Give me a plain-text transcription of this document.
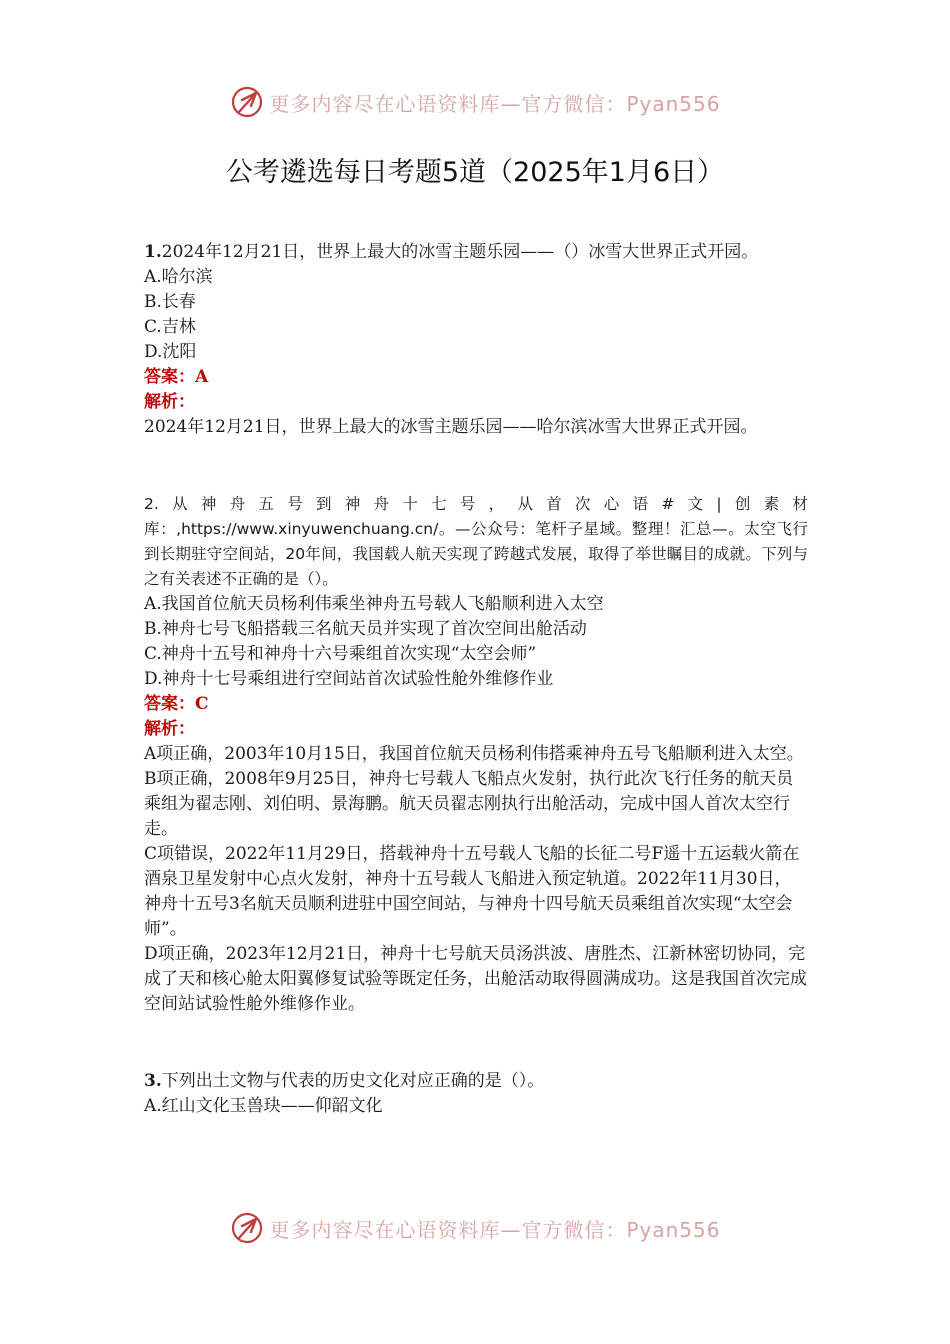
更多内容尽在心语资料库—官方微信：Pyan556
公考遴选每日考题5道（2025年1月6日）

1.2024年12月21日，世界上最大的冰雪主题乐园——（）冰雪大世界正式开园。

A.哈尔滨

B.长春

C.吉林

D.沈阳

答案：A

解析：

2024年12月21日，世界上最大的冰雪主题乐园——哈尔滨冰雪大世界正式开园。

2.从神舟五号到神舟十七号，从首次心语#文|创素材库：,https://www.xinyuwenchuang.cn/。—公众号：笔杆子星域。整理！汇总—。太空飞行到长期驻守空间站，20年间，我国载人航天实现了跨越式发展，取得了举世瞩目的成就。下列与之有关表述不正确的是（）。

A.我国首位航天员杨利伟乘坐神舟五号载人飞船顺利进入太空

B.神舟七号飞船搭载三名航天员并实现了首次空间出舱活动

C.神舟十五号和神舟十六号乘组首次实现“太空会师”

D.神舟十七号乘组进行空间站首次试验性舱外维修作业

答案：C

解析：

A项正确，2003年10月15日，我国首位航天员杨利伟搭乘神舟五号飞船顺利进入太空。

B项正确，2008年9月25日，神舟七号载人飞船点火发射，执行此次飞行任务的航天员乘组为翟志刚、刘伯明、景海鹏。航天员翟志刚执行出舱活动，完成中国人首次太空行走。

C项错误，2022年11月29日，搭载神舟十五号载人飞船的长征二号F遥十五运载火箭在酒泉卫星发射中心点火发射，神舟十五号载人飞船进入预定轨道。2022年11月30日，神舟十五号3名航天员顺利进驻中国空间站，与神舟十四号航天员乘组首次实现“太空会师”。

D项正确，2023年12月21日，神舟十七号航天员汤洪波、唐胜杰、江新林密切协同，完成了天和核心舱太阳翼修复试验等既定任务，出舱活动取得圆满成功。这是我国首次完成空间站试验性舱外维修作业。

3.下列出土文物与代表的历史文化对应正确的是（）。

A.红山文化玉兽玦——仰韶文化

更多内容尽在心语资料库—官方微信：Pyan556
